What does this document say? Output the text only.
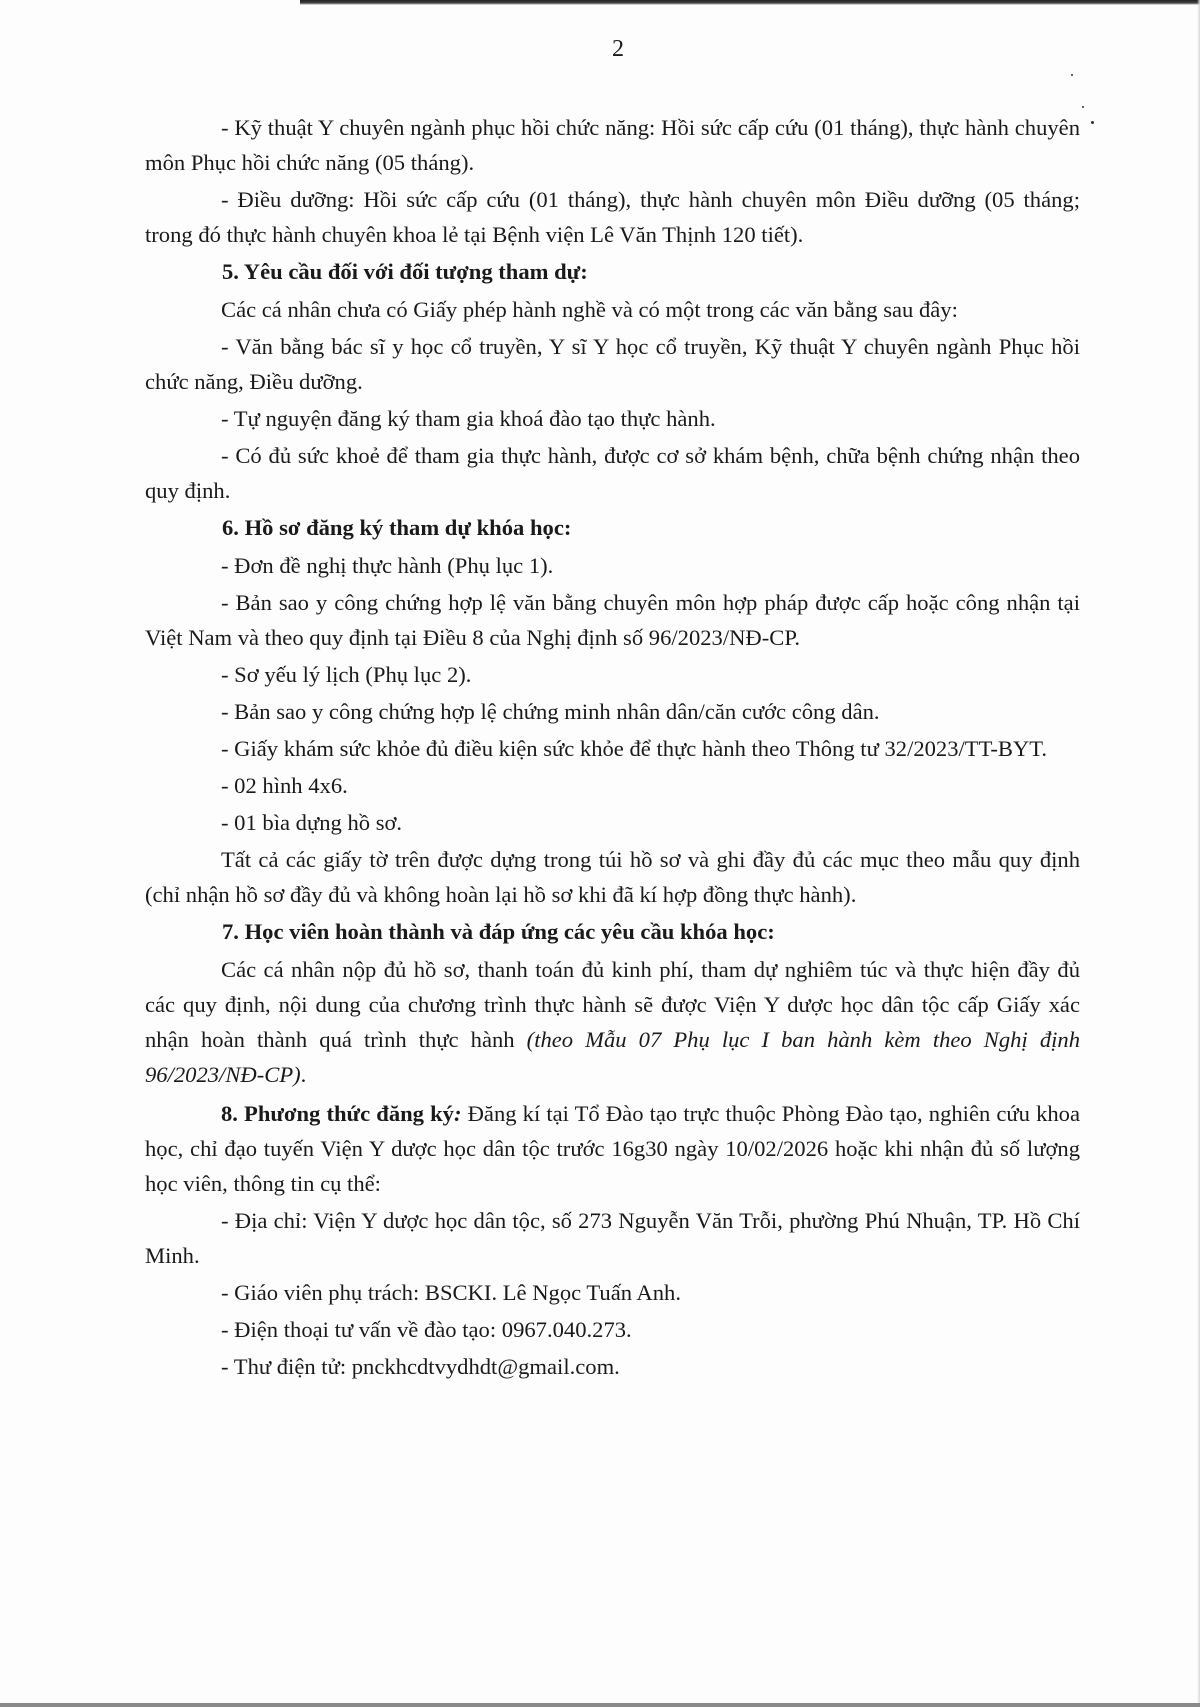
2

- Kỹ thuật Y chuyên ngành phục hồi chức năng: Hồi sức cấp cứu (01 tháng), thực hành chuyên môn Phục hồi chức năng (05 tháng).

- Điều dưỡng: Hồi sức cấp cứu (01 tháng), thực hành chuyên môn Điều dưỡng (05 tháng; trong đó thực hành chuyên khoa lẻ tại Bệnh viện Lê Văn Thịnh 120 tiết).

5. Yêu cầu đối với đối tượng tham dự:

Các cá nhân chưa có Giấy phép hành nghề và có một trong các văn bằng sau đây:

- Văn bằng bác sĩ y học cổ truyền, Y sĩ Y học cổ truyền, Kỹ thuật Y chuyên ngành Phục hồi chức năng, Điều dưỡng.

- Tự nguyện đăng ký tham gia khoá đào tạo thực hành.

- Có đủ sức khoẻ để tham gia thực hành, được cơ sở khám bệnh, chữa bệnh chứng nhận theo quy định.

6. Hồ sơ đăng ký tham dự khóa học:

- Đơn đề nghị thực hành (Phụ lục 1).

- Bản sao y công chứng hợp lệ văn bằng chuyên môn hợp pháp được cấp hoặc công nhận tại Việt Nam và theo quy định tại Điều 8 của Nghị định số 96/2023/NĐ-CP.

- Sơ yếu lý lịch (Phụ lục 2).

- Bản sao y công chứng hợp lệ chứng minh nhân dân/căn cước công dân.

- Giấy khám sức khỏe đủ điều kiện sức khỏe để thực hành theo Thông tư 32/2023/TT-BYT.

- 02 hình 4x6.

- 01 bìa dựng hồ sơ.

Tất cả các giấy tờ trên được dựng trong túi hồ sơ và ghi đầy đủ các mục theo mẫu quy định (chỉ nhận hồ sơ đầy đủ và không hoàn lại hồ sơ khi đã kí hợp đồng thực hành).

7. Học viên hoàn thành và đáp ứng các yêu cầu khóa học:

Các cá nhân nộp đủ hồ sơ, thanh toán đủ kinh phí, tham dự nghiêm túc và thực hiện đầy đủ các quy định, nội dung của chương trình thực hành sẽ được Viện Y dược học dân tộc cấp Giấy xác nhận hoàn thành quá trình thực hành (theo Mẫu 07 Phụ lục I ban hành kèm theo Nghị định 96/2023/NĐ-CP).

8. Phương thức đăng ký: Đăng kí tại Tổ Đào tạo trực thuộc Phòng Đào tạo, nghiên cứu khoa học, chỉ đạo tuyến Viện Y dược học dân tộc trước 16g30 ngày 10/02/2026 hoặc khi nhận đủ số lượng học viên, thông tin cụ thể:

- Địa chỉ: Viện Y dược học dân tộc, số 273 Nguyễn Văn Trỗi, phường Phú Nhuận, TP. Hồ Chí Minh.

- Giáo viên phụ trách: BSCKI. Lê Ngọc Tuấn Anh.

- Điện thoại tư vấn về đào tạo: 0967.040.273.

- Thư điện tử: pnckhcdtvydhdt@gmail.com.
